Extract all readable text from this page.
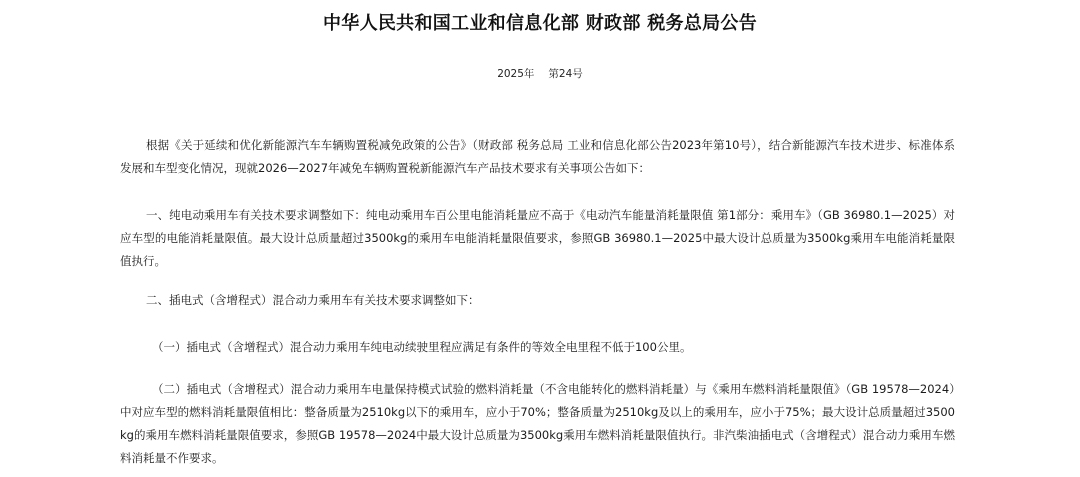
中华人民共和国工业和信息化部 财政部 税务总局公告
2025年 第24号
根据《关于延续和优化新能源汽车车辆购置税减免政策的公告》（财政部 税务总局 工业和信息化部公告2023年第10号），结合新能源汽车技术进步、标准体系发展和车型变化情况，现就2026—2027年减免车辆购置税新能源汽车产品技术要求有关事项公告如下：
一、纯电动乘用车有关技术要求调整如下：纯电动乘用车百公里电能消耗量应不高于《电动汽车能量消耗量限值 第1部分：乘用车》（GB 36980.1—2025）对应车型的电能消耗量限值。最大设计总质量超过3500kg的乘用车电能消耗量限值要求，参照GB 36980.1—2025中最大设计总质量为3500kg乘用车电能消耗量限值执行。
二、插电式（含增程式）混合动力乘用车有关技术要求调整如下：
（一）插电式（含增程式）混合动力乘用车纯电动续驶里程应满足有条件的等效全电里程不低于100公里。
（二）插电式（含增程式）混合动力乘用车电量保持模式试验的燃料消耗量（不含电能转化的燃料消耗量）与《乘用车燃料消耗量限值》（GB 19578—2024）中对应车型的燃料消耗量限值相比：整备质量为2510kg以下的乘用车，应小于70%；整备质量为2510kg及以上的乘用车，应小于75%；最大设计总质量超过3500kg的乘用车燃料消耗量限值要求，参照GB 19578—2024中最大设计总质量为3500kg乘用车燃料消耗量限值执行。非汽柴油插电式（含增程式）混合动力乘用车燃料消耗量不作要求。
